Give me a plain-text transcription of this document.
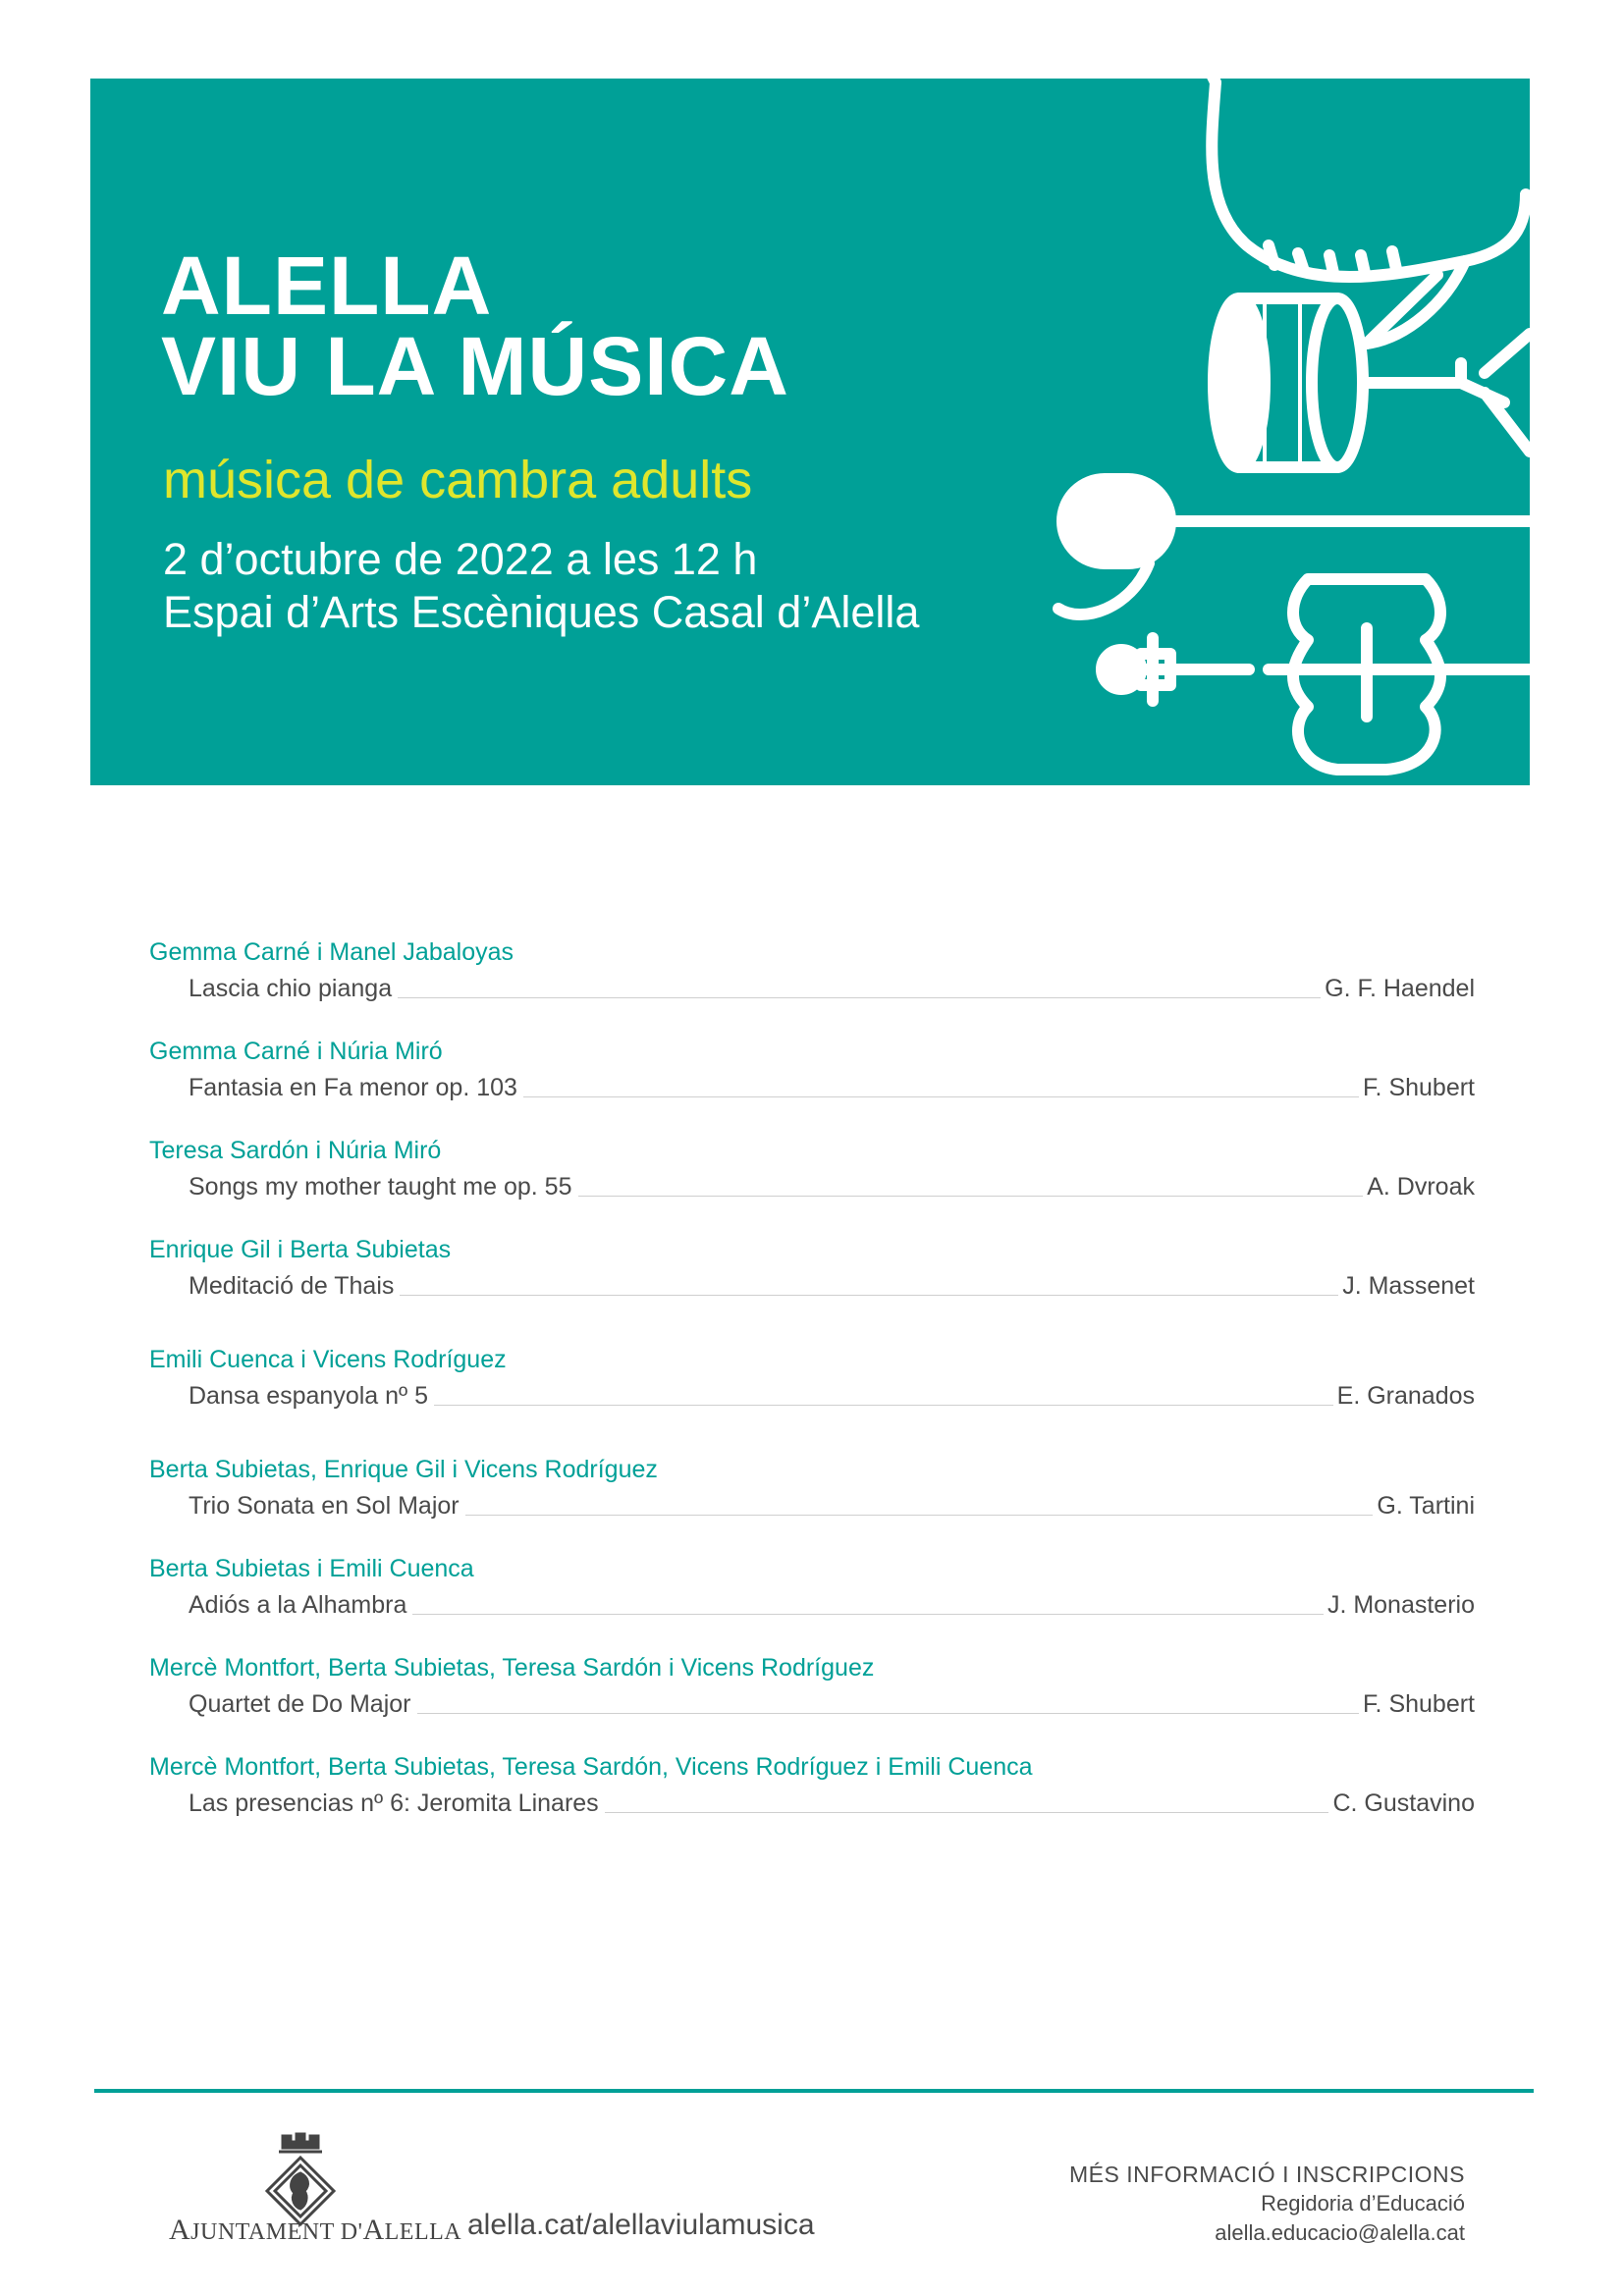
ALELLA
VIU LA MÚSICA

música de cambra adults

2 d’octubre de 2022 a les 12 h

Espai d’Arts Escèniques Casal d’Alella

Gemma Carné i Manel Jabaloyas
Lascia chio pianga	G. F. Haendel
Gemma Carné i Núria Miró
Fantasia en Fa menor op. 103	F. Shubert
Teresa Sardón i Núria Miró
Songs my mother taught me op. 55	A. Dvroak
Enrique Gil i Berta Subietas
Meditació de Thais	J. Massenet
Emili Cuenca i Vicens Rodríguez
Dansa espanyola nº 5	E. Granados
Berta Subietas, Enrique Gil i Vicens Rodríguez
Trio Sonata en Sol Major	G. Tartini
Berta Subietas i Emili Cuenca
Adiós a la Alhambra	J. Monasterio
Mercè Montfort, Berta Subietas, Teresa Sardón i Vicens Rodríguez
Quartet de Do Major	F. Shubert
Mercè Montfort, Berta Subietas, Teresa Sardón, Vicens Rodríguez i Emili Cuenca
Las presencias nº 6: Jeromita Linares	C. Gustavino
AJUNTAMENT D'ALELLA alella.cat/alellaviulamusica
MÉS INFORMACIÓ I INSCRIPCIONS
Regidoria d’Educació
alella.educacio@alella.cat
